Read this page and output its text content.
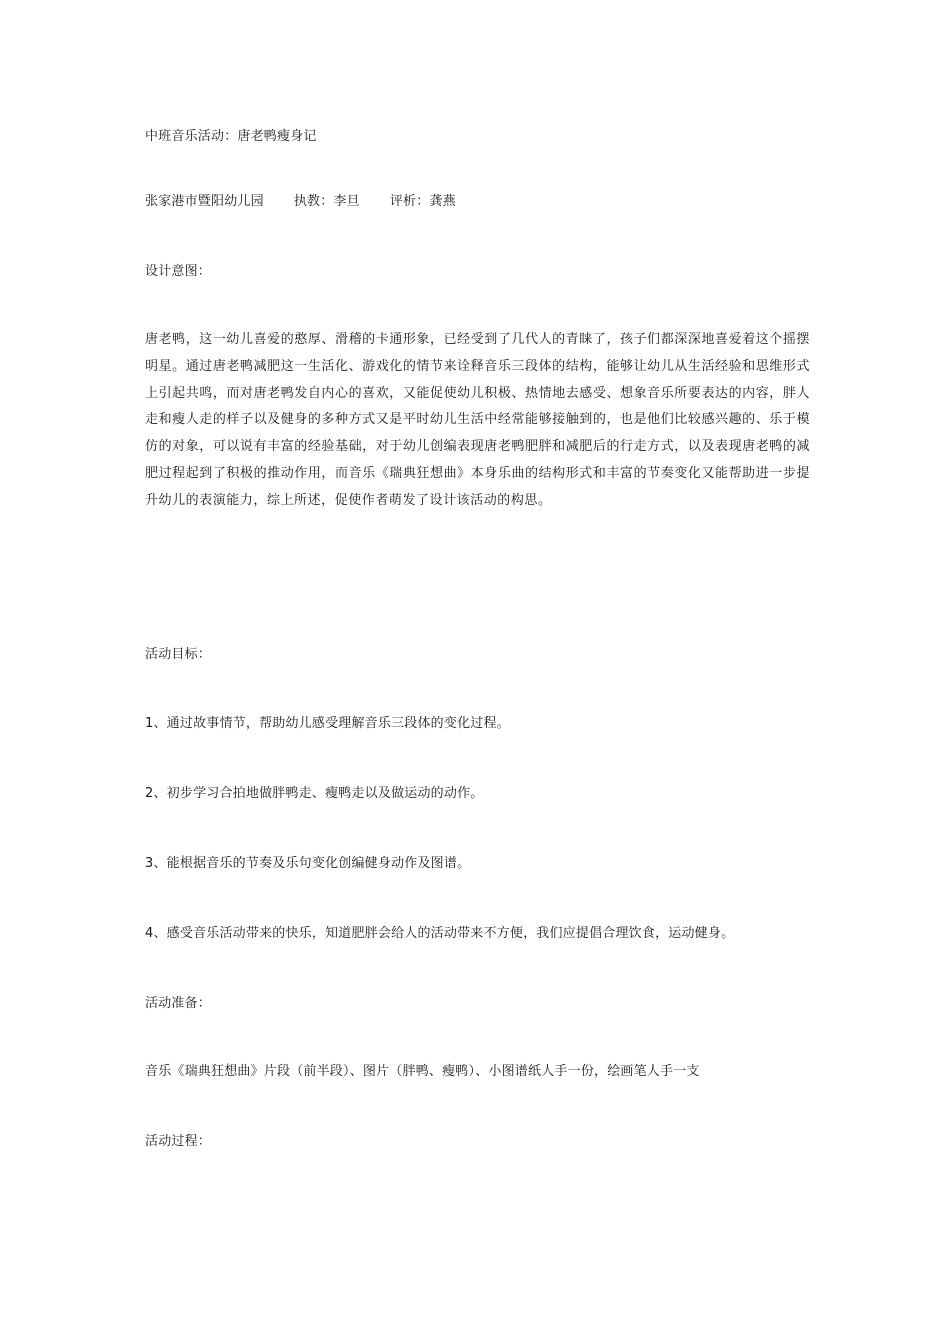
中班音乐活动：唐老鸭瘦身记
张家港市暨阳幼儿园 执教：李旦 评析：龚燕
设计意图：
唐老鸭，这一幼儿喜爱的憨厚、滑稽的卡通形象，已经受到了几代人的青睐了，孩子们都深深地喜爱着这个摇摆明星。通过唐老鸭减肥这一生活化、游戏化的情节来诠释音乐三段体的结构，能够让幼儿从生活经验和思维形式上引起共鸣，而对唐老鸭发自内心的喜欢，又能促使幼儿积极、热情地去感受、想象音乐所要表达的内容，胖人走和瘦人走的样子以及健身的多种方式又是平时幼儿生活中经常能够接触到的，也是他们比较感兴趣的、乐于模仿的对象，可以说有丰富的经验基础，对于幼儿创编表现唐老鸭肥胖和减肥后的行走方式，以及表现唐老鸭的减肥过程起到了积极的推动作用，而音乐《瑞典狂想曲》本身乐曲的结构形式和丰富的节奏变化又能帮助进一步提升幼儿的表演能力，综上所述，促使作者萌发了设计该活动的构思。
活动目标：
1、通过故事情节，帮助幼儿感受理解音乐三段体的变化过程。
2、初步学习合拍地做胖鸭走、瘦鸭走以及做运动的动作。
3、能根据音乐的节奏及乐句变化创编健身动作及图谱。
4、感受音乐活动带来的快乐，知道肥胖会给人的活动带来不方便，我们应提倡合理饮食，运动健身。
活动准备：
音乐《瑞典狂想曲》片段（前半段）、图片（胖鸭、瘦鸭）、小图谱纸人手一份，绘画笔人手一支
活动过程：
